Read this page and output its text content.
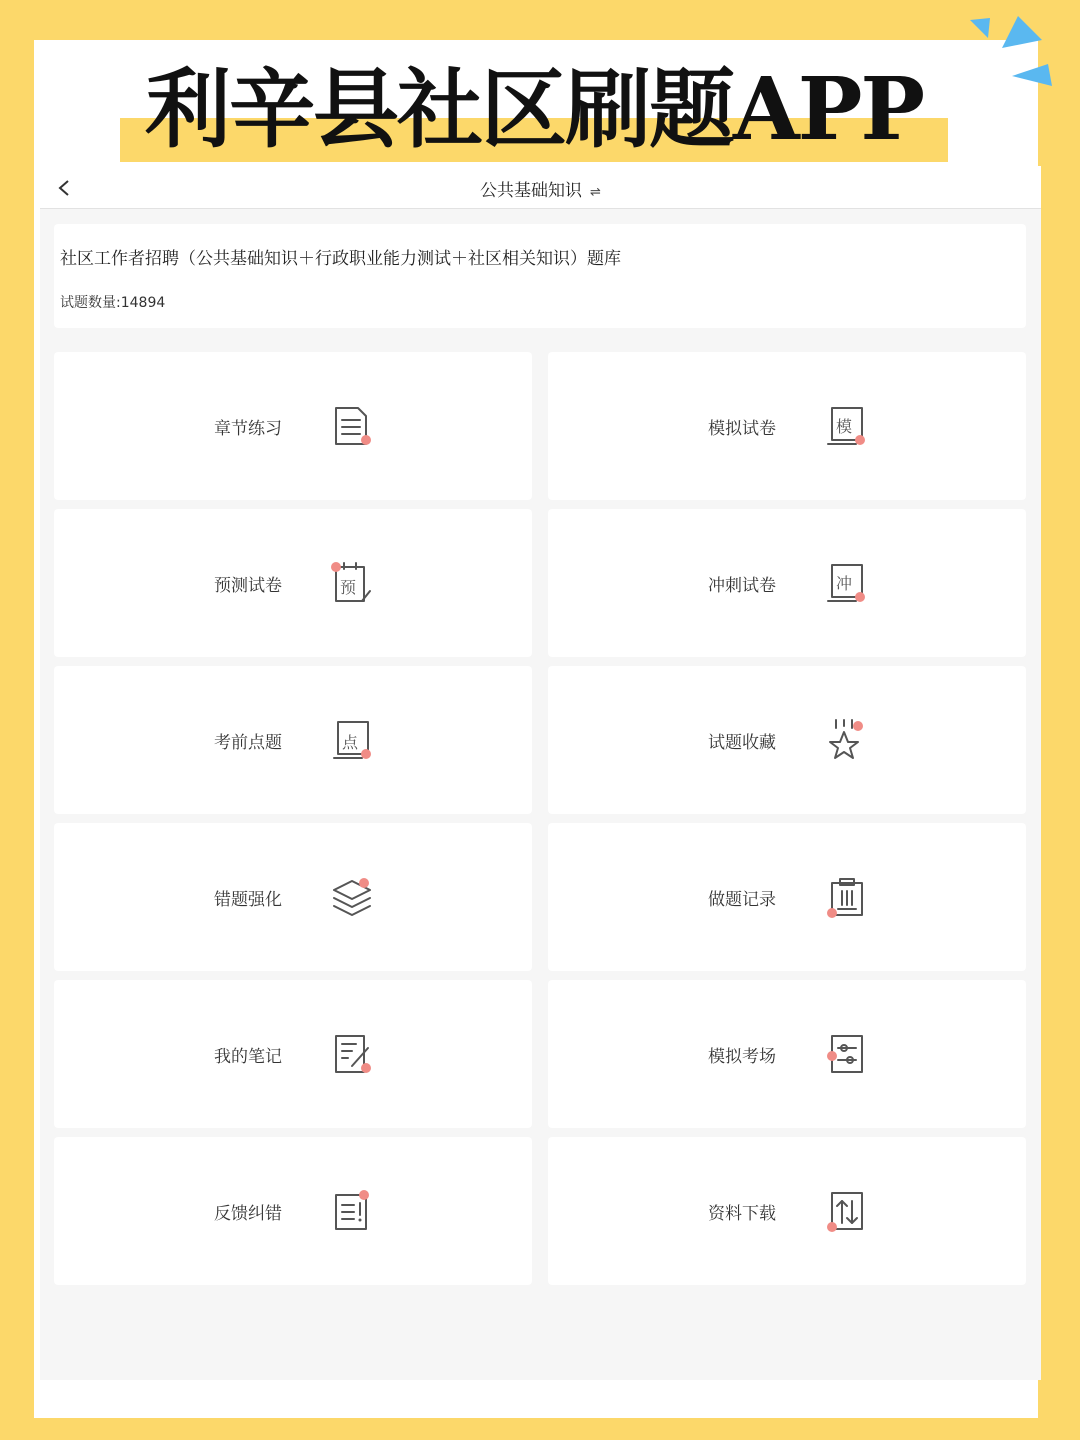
利辛县社区刷题APP
公共基础知识 ⇌
社区工作者招聘（公共基础知识＋行政职业能力测试＋社区相关知识）题库
试题数量:14894
章节练习	模拟试卷	模
预测试卷	预	冲刺试卷	冲
考前点题	点	试题收藏
错题强化	做题记录
我的笔记	模拟考场
反馈纠错	资料下载
